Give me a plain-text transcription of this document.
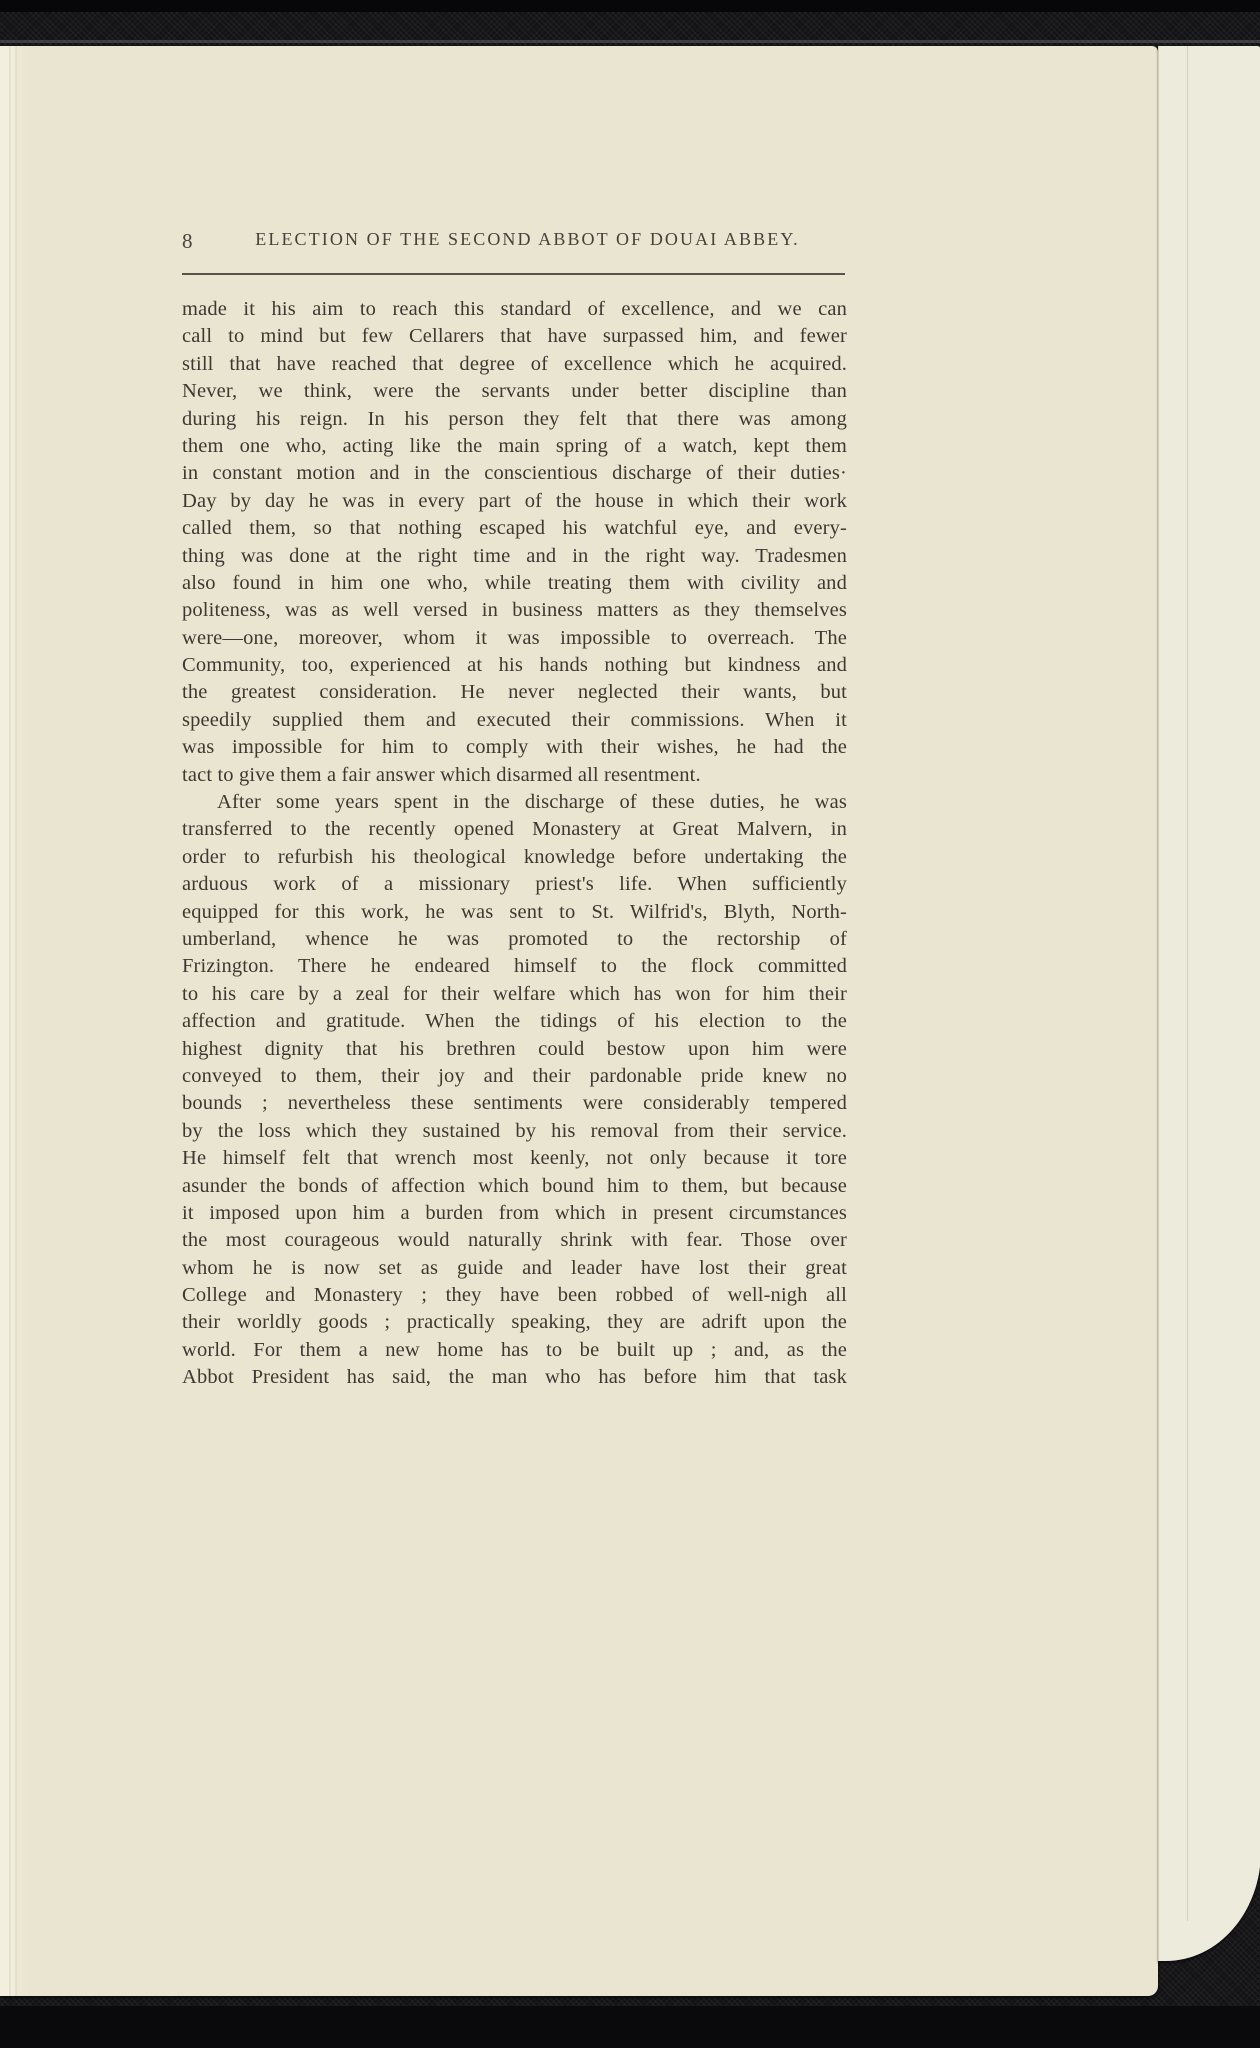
8	ELECTION OF THE SECOND ABBOT OF DOUAI ABBEY.
made it his aim to reach this standard of excellence, and we can
call to mind but few Cellarers that have surpassed him, and fewer
still that have reached that degree of excellence which he acquired.
Never, we think, were the servants under better discipline than
during his reign. In his person they felt that there was among
them one who, acting like the main spring of a watch, kept them
in constant motion and in the conscientious discharge of their duties·
Day by day he was in every part of the house in which their work
called them, so that nothing escaped his watchful eye, and every-
thing was done at the right time and in the right way. Tradesmen
also found in him one who, while treating them with civility and
politeness, was as well versed in business matters as they themselves
were—one, moreover, whom it was impossible to overreach. The
Community, too, experienced at his hands nothing but kindness and
the greatest consideration. He never neglected their wants, but
speedily supplied them and executed their commissions. When it
was impossible for him to comply with their wishes, he had the
tact to give them a fair answer which disarmed all resentment.
After some years spent in the discharge of these duties, he was
transferred to the recently opened Monastery at Great Malvern, in
order to refurbish his theological knowledge before undertaking the
arduous work of a missionary priest's life. When sufficiently
equipped for this work, he was sent to St. Wilfrid's, Blyth, North-
umberland, whence he was promoted to the rectorship of
Frizington. There he endeared himself to the flock committed
to his care by a zeal for their welfare which has won for him their
affection and gratitude. When the tidings of his election to the
highest dignity that his brethren could bestow upon him were
conveyed to them, their joy and their pardonable pride knew no
bounds ; nevertheless these sentiments were considerably tempered
by the loss which they sustained by his removal from their service.
He himself felt that wrench most keenly, not only because it tore
asunder the bonds of affection which bound him to them, but because
it imposed upon him a burden from which in present circumstances
the most courageous would naturally shrink with fear. Those over
whom he is now set as guide and leader have lost their great
College and Monastery ; they have been robbed of well-nigh all
their worldly goods ; practically speaking, they are adrift upon the
world. For them a new home has to be built up ; and, as the
Abbot President has said, the man who has before him that task
